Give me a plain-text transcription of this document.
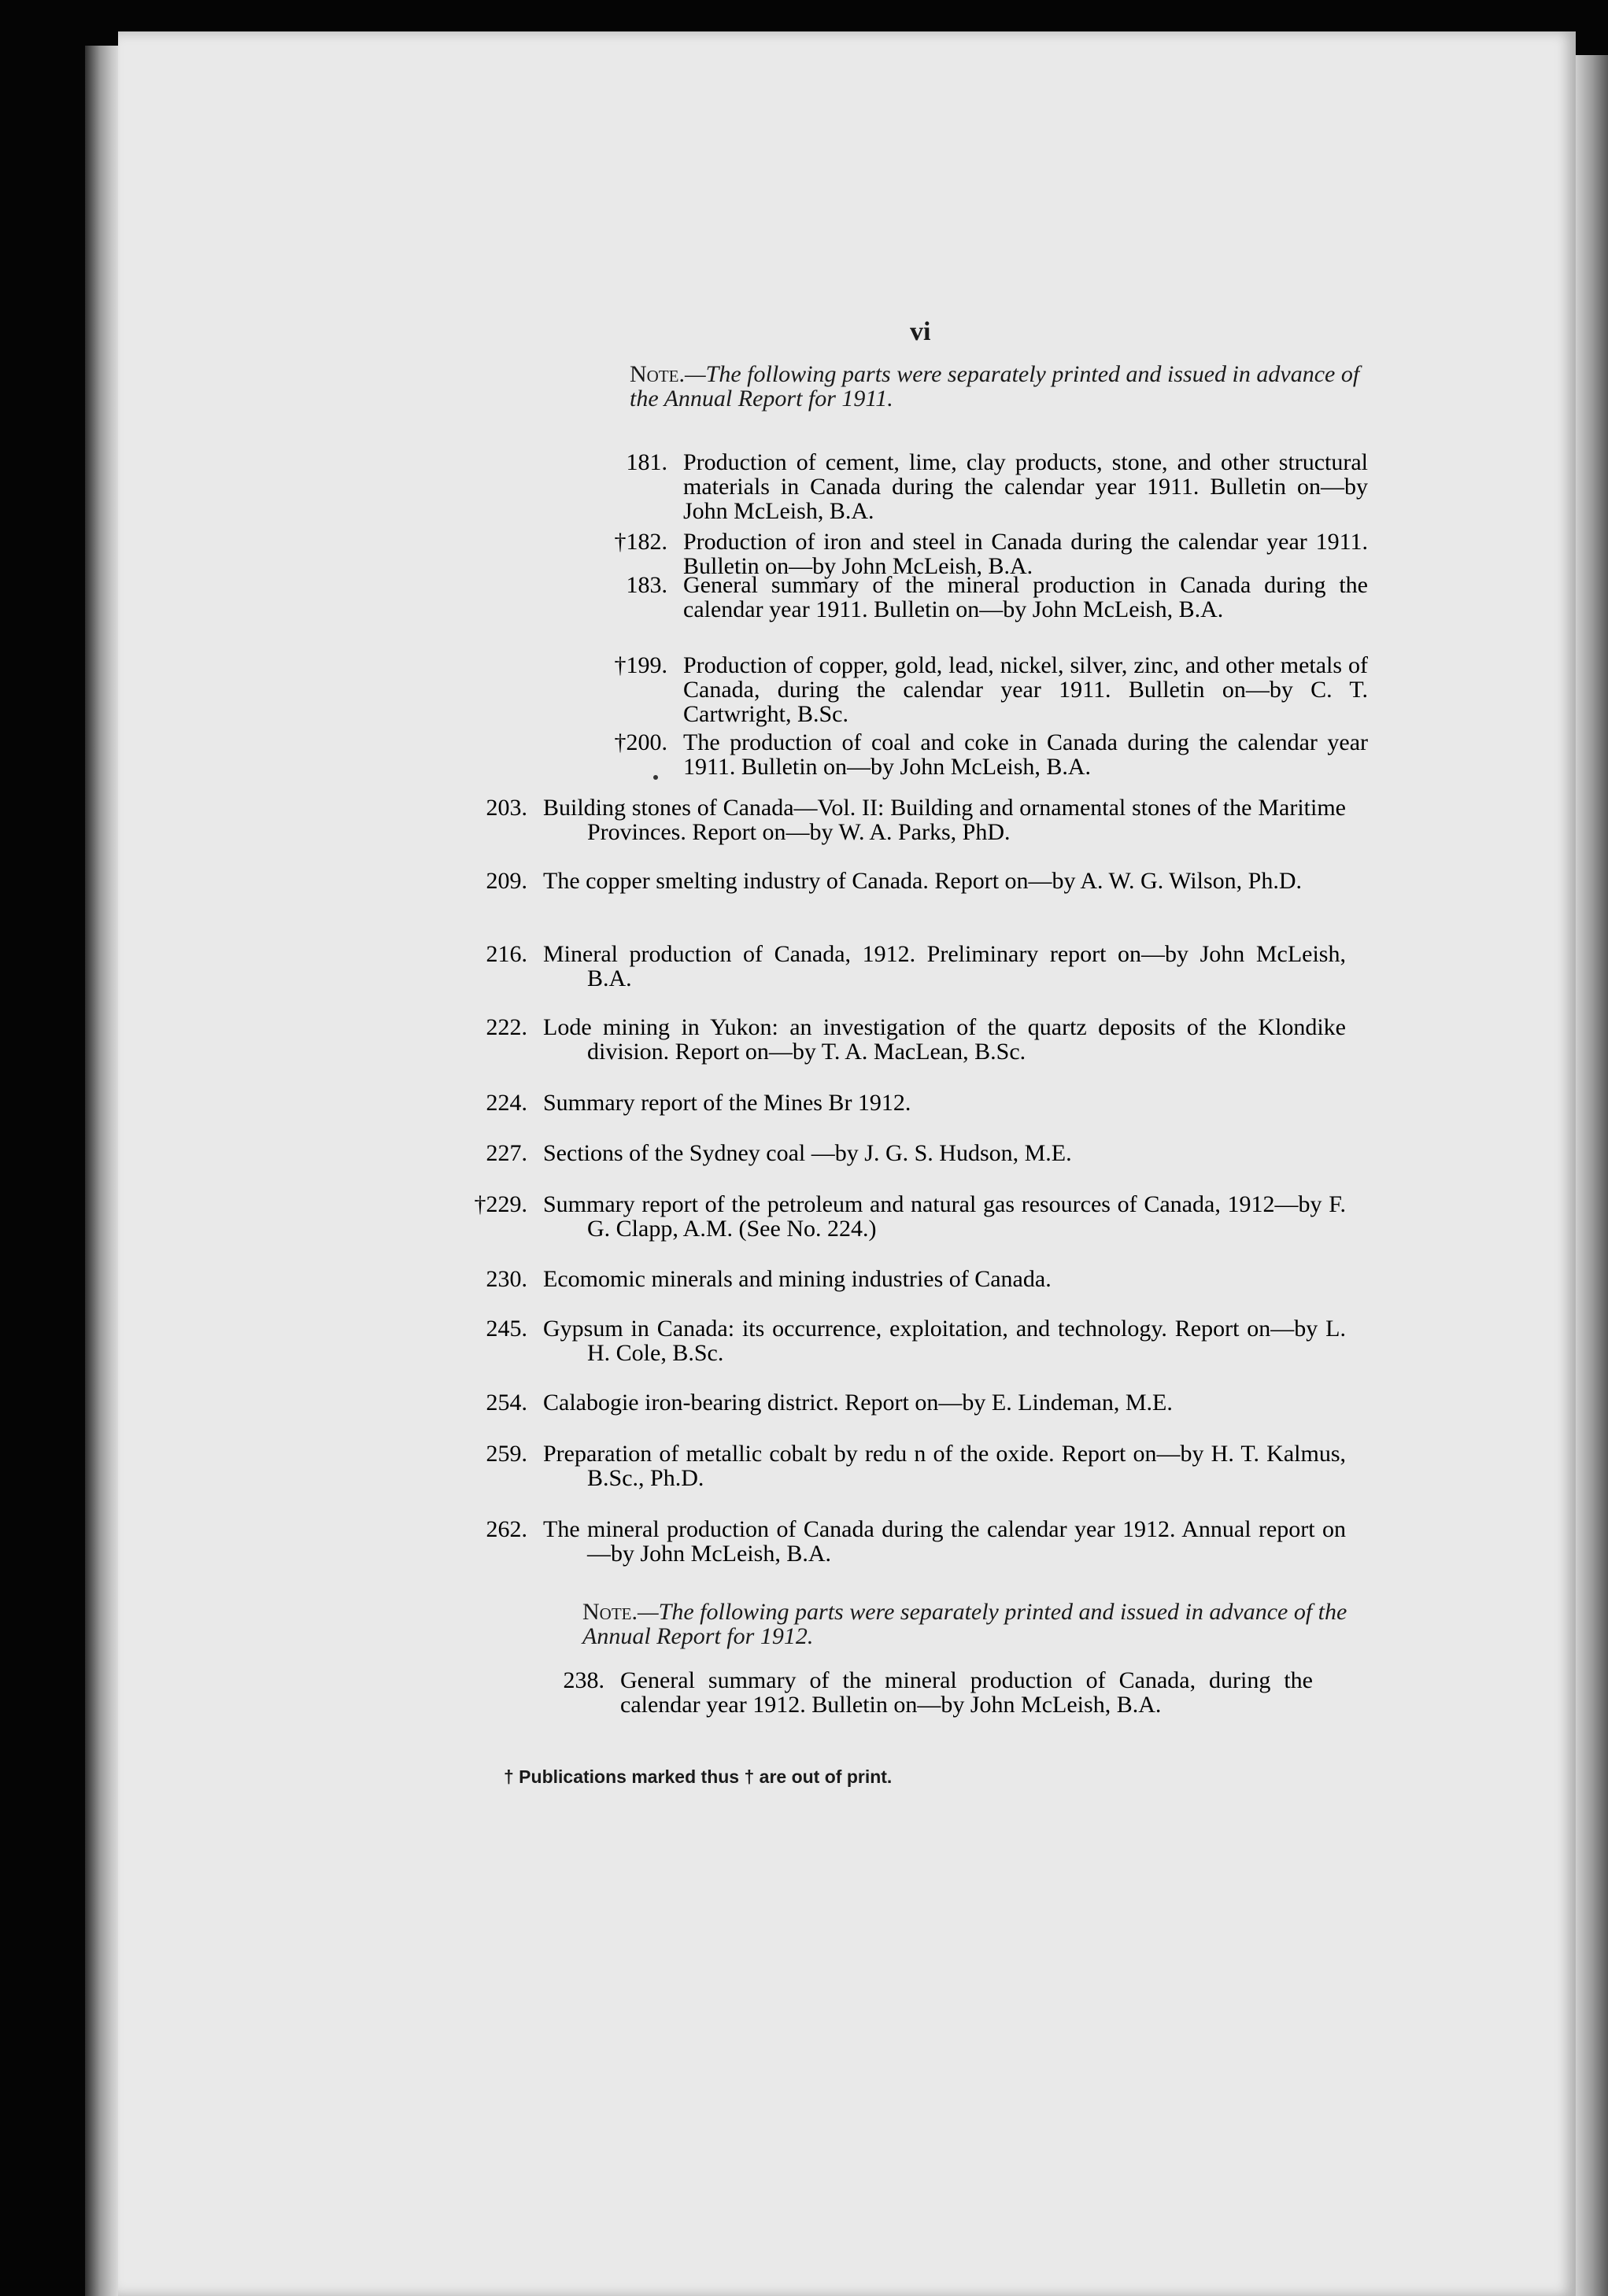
vi
Note.—The following parts were separately printed and issued in advance of the Annual Report for 1911.
181. Production of cement, lime, clay products, stone, and other structural materials in Canada during the calendar year 1911. Bulletin on—by John McLeish, B.A.
†182. Production of iron and steel in Canada during the calendar year 1911. Bulletin on—by John McLeish, B.A.
183. General summary of the mineral production in Canada during the calendar year 1911. Bulletin on—by John McLeish, B.A.
†199. Production of copper, gold, lead, nickel, silver, zinc, and other metals of Canada, during the calendar year 1911. Bulletin on—by C. T. Cartwright, B.Sc.
†200. The production of coal and coke in Canada during the calendar year 1911. Bulletin on—by John McLeish, B.A.
203. Building stones of Canada—Vol. II: Building and ornamental stones of the Maritime Provinces. Report on—by W. A. Parks, PhD.
209. The copper smelting industry of Canada. Report on—by A. W. G. Wilson, Ph.D.
216. Mineral production of Canada, 1912. Preliminary report on—by John McLeish, B.A.
222. Lode mining in Yukon: an investigation of the quartz deposits of the Klondike division. Report on—by T. A. MacLean, B.Sc.
224. Summary report of the Mines Br 1912.
227. Sections of the Sydney coal —by J. G. S. Hudson, M.E.
†229. Summary report of the petroleum and natural gas resources of Canada, 1912—by F. G. Clapp, A.M. (See No. 224.)
230. Ecomomic minerals and mining industries of Canada.
245. Gypsum in Canada: its occurrence, exploitation, and technology. Report on—by L. H. Cole, B.Sc.
254. Calabogie iron-bearing district. Report on—by E. Lindeman, M.E.
259. Preparation of metallic cobalt by redu n of the oxide. Report on—by H. T. Kalmus, B.Sc., Ph.D.
262. The mineral production of Canada during the calendar year 1912. Annual report on—by John McLeish, B.A.
Note.—The following parts were separately printed and issued in advance of the Annual Report for 1912.
238. General summary of the mineral production of Canada, during the calendar year 1912. Bulletin on—by John McLeish, B.A.
† Publications marked thus † are out of print.
